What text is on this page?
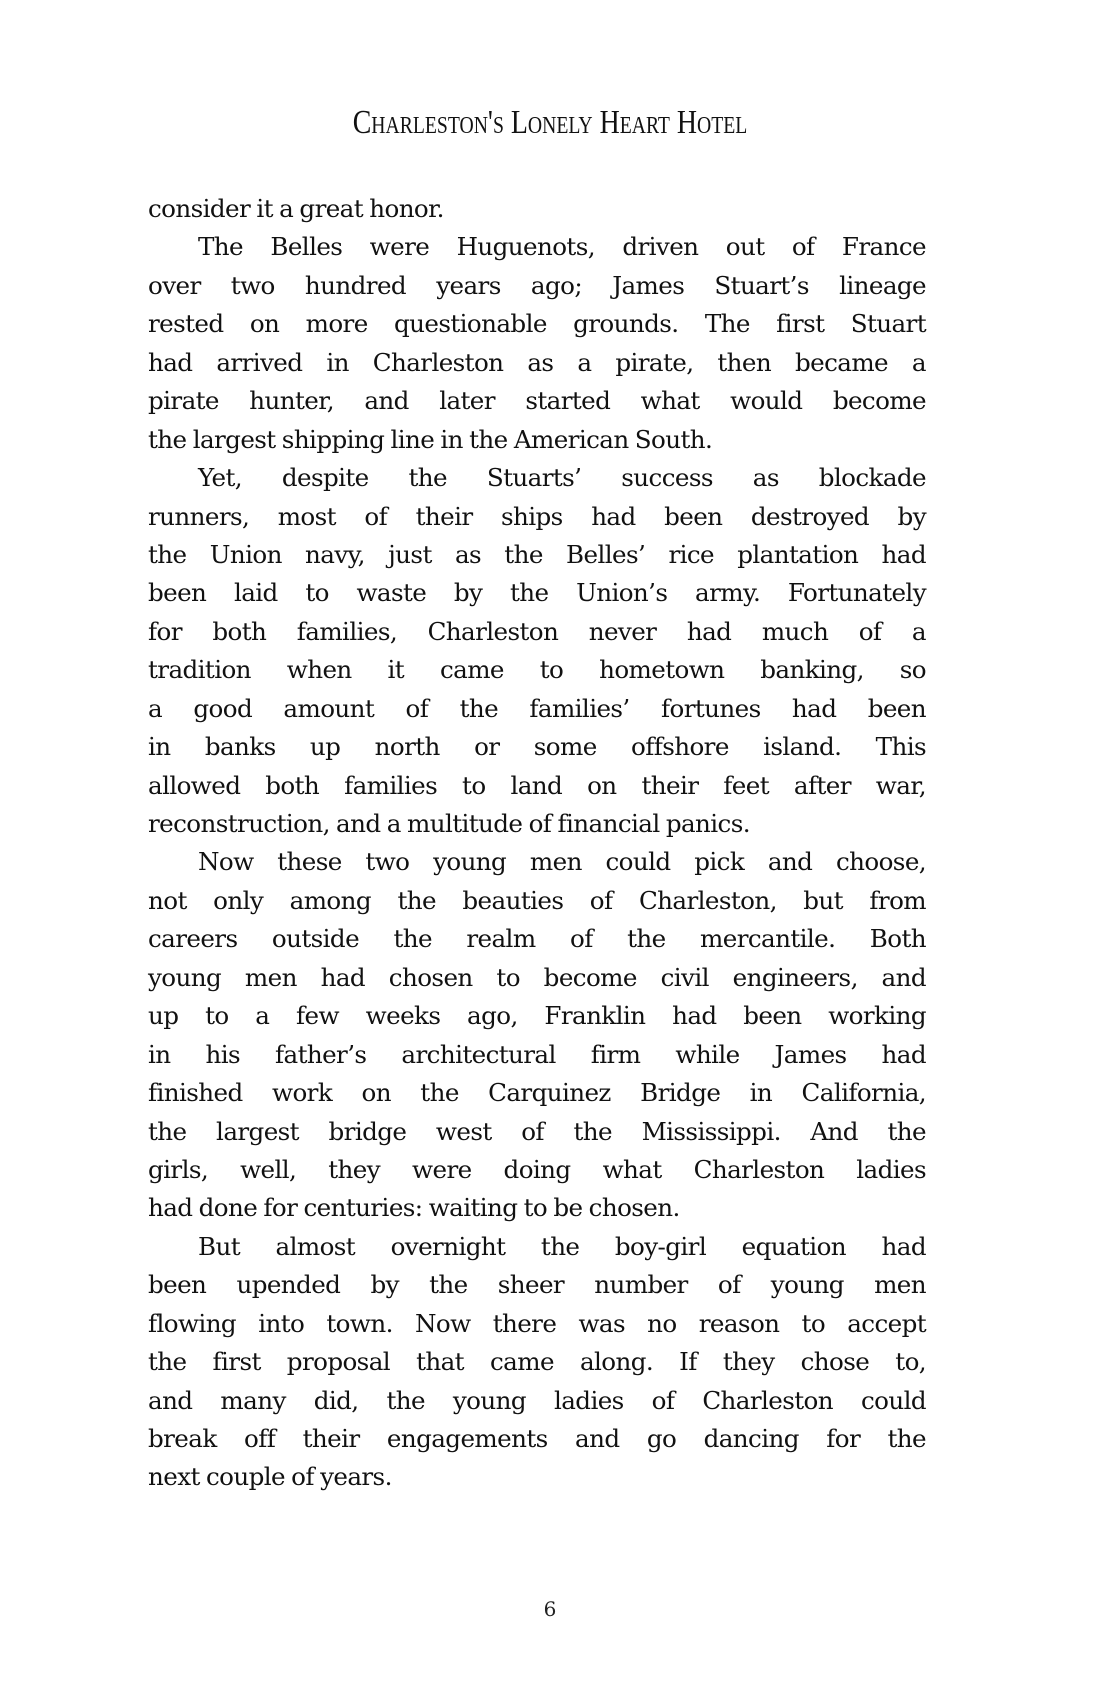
Charleston's Lonely Heart Hotel
consider it a great honor.
The Belles were Huguenots, driven out of France
over two hundred years ago; James Stuart’s lineage
rested on more questionable grounds. The first Stuart
had arrived in Charleston as a pirate, then became a
pirate hunter, and later started what would become
the largest shipping line in the American South.
Yet, despite the Stuarts’ success as blockade
runners, most of their ships had been destroyed by
the Union navy, just as the Belles’ rice plantation had
been laid to waste by the Union’s army. Fortunately
for both families, Charleston never had much of a
tradition when it came to hometown banking, so
a good amount of the families’ fortunes had been
in banks up north or some offshore island. This
allowed both families to land on their feet after war,
reconstruction, and a multitude of financial panics.
Now these two young men could pick and choose,
not only among the beauties of Charleston, but from
careers outside the realm of the mercantile. Both
young men had chosen to become civil engineers, and
up to a few weeks ago, Franklin had been working
in his father’s architectural firm while James had
finished work on the Carquinez Bridge in California,
the largest bridge west of the Mississippi. And the
girls, well, they were doing what Charleston ladies
had done for centuries: waiting to be chosen.
But almost overnight the boy-girl equation had
been upended by the sheer number of young men
flowing into town. Now there was no reason to accept
the first proposal that came along. If they chose to,
and many did, the young ladies of Charleston could
break off their engagements and go dancing for the
next couple of years.
6
